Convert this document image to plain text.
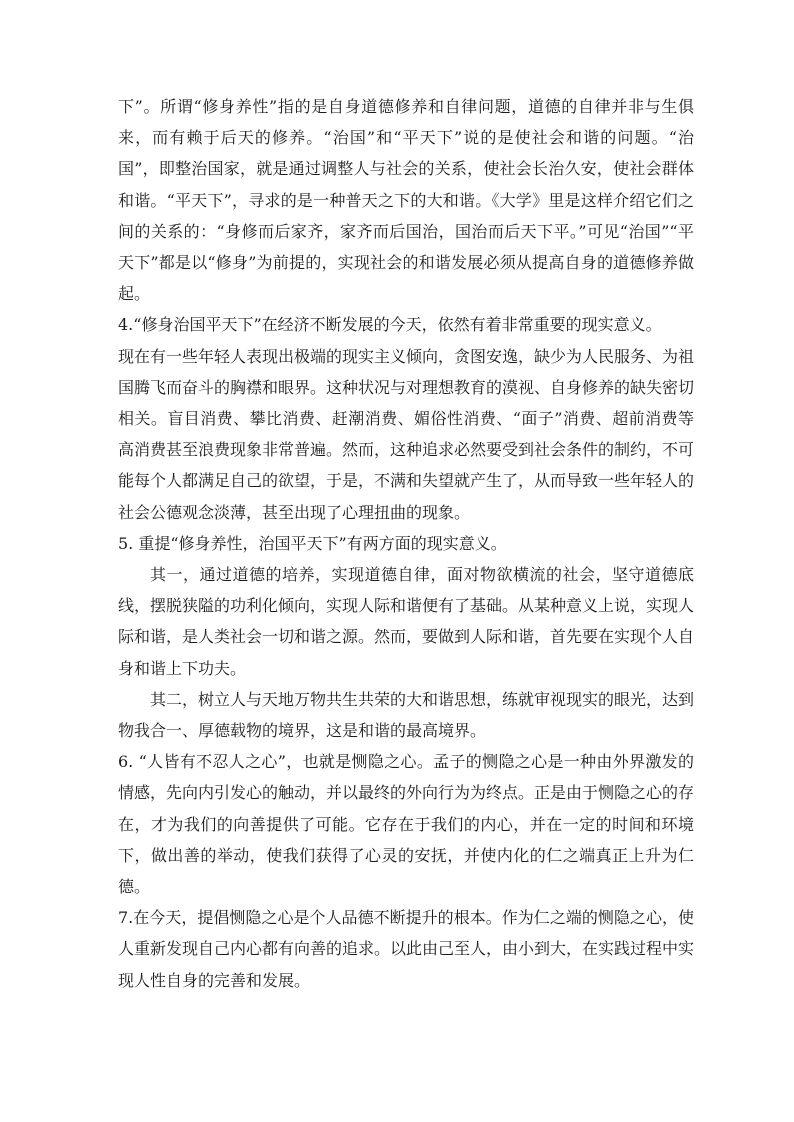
下”。所谓“修身养性”指的是自身道德修养和自律问题，道德的自律并非与生俱来，而有赖于后天的修养。“治国”和“平天下”说的是使社会和谐的问题。“治国”，即整治国家，就是通过调整人与社会的关系，使社会长治久安，使社会群体和谐。“平天下”，寻求的是一种普天之下的大和谐。《大学》里是这样介绍它们之间的关系的：“身修而后家齐，家齐而后国治，国治而后天下平。”可见“治国”“平天下”都是以“修身”为前提的，实现社会的和谐发展必须从提高自身的道德修养做起。

4.“修身治国平天下”在经济不断发展的今天，依然有着非常重要的现实意义。

现在有一些年轻人表现出极端的现实主义倾向，贪图安逸，缺少为人民服务、为祖国腾飞而奋斗的胸襟和眼界。这种状况与对理想教育的漠视、自身修养的缺失密切相关。盲目消费、攀比消费、赶潮消费、媚俗性消费、“面子”消费、超前消费等高消费甚至浪费现象非常普遍。然而，这种追求必然要受到社会条件的制约，不可能每个人都满足自己的欲望，于是，不满和失望就产生了，从而导致一些年轻人的社会公德观念淡薄，甚至出现了心理扭曲的现象。

5. 重提“修身养性，治国平天下”有两方面的现实意义。

其一，通过道德的培养，实现道德自律，面对物欲横流的社会，坚守道德底线，摆脱狭隘的功利化倾向，实现人际和谐便有了基础。从某种意义上说，实现人际和谐，是人类社会一切和谐之源。然而，要做到人际和谐，首先要在实现个人自身和谐上下功夫。

其二，树立人与天地万物共生共荣的大和谐思想，练就审视现实的眼光，达到物我合一、厚德载物的境界，这是和谐的最高境界。

6. “人皆有不忍人之心”，也就是恻隐之心。孟子的恻隐之心是一种由外界激发的情感，先向内引发心的触动，并以最终的外向行为为终点。正是由于恻隐之心的存在，才为我们的向善提供了可能。它存在于我们的内心，并在一定的时间和环境下，做出善的举动，使我们获得了心灵的安抚，并使内化的仁之端真正上升为仁德。

7.在今天，提倡恻隐之心是个人品德不断提升的根本。作为仁之端的恻隐之心，使人重新发现自己内心都有向善的追求。以此由己至人，由小到大，在实践过程中实现人性自身的完善和发展。
